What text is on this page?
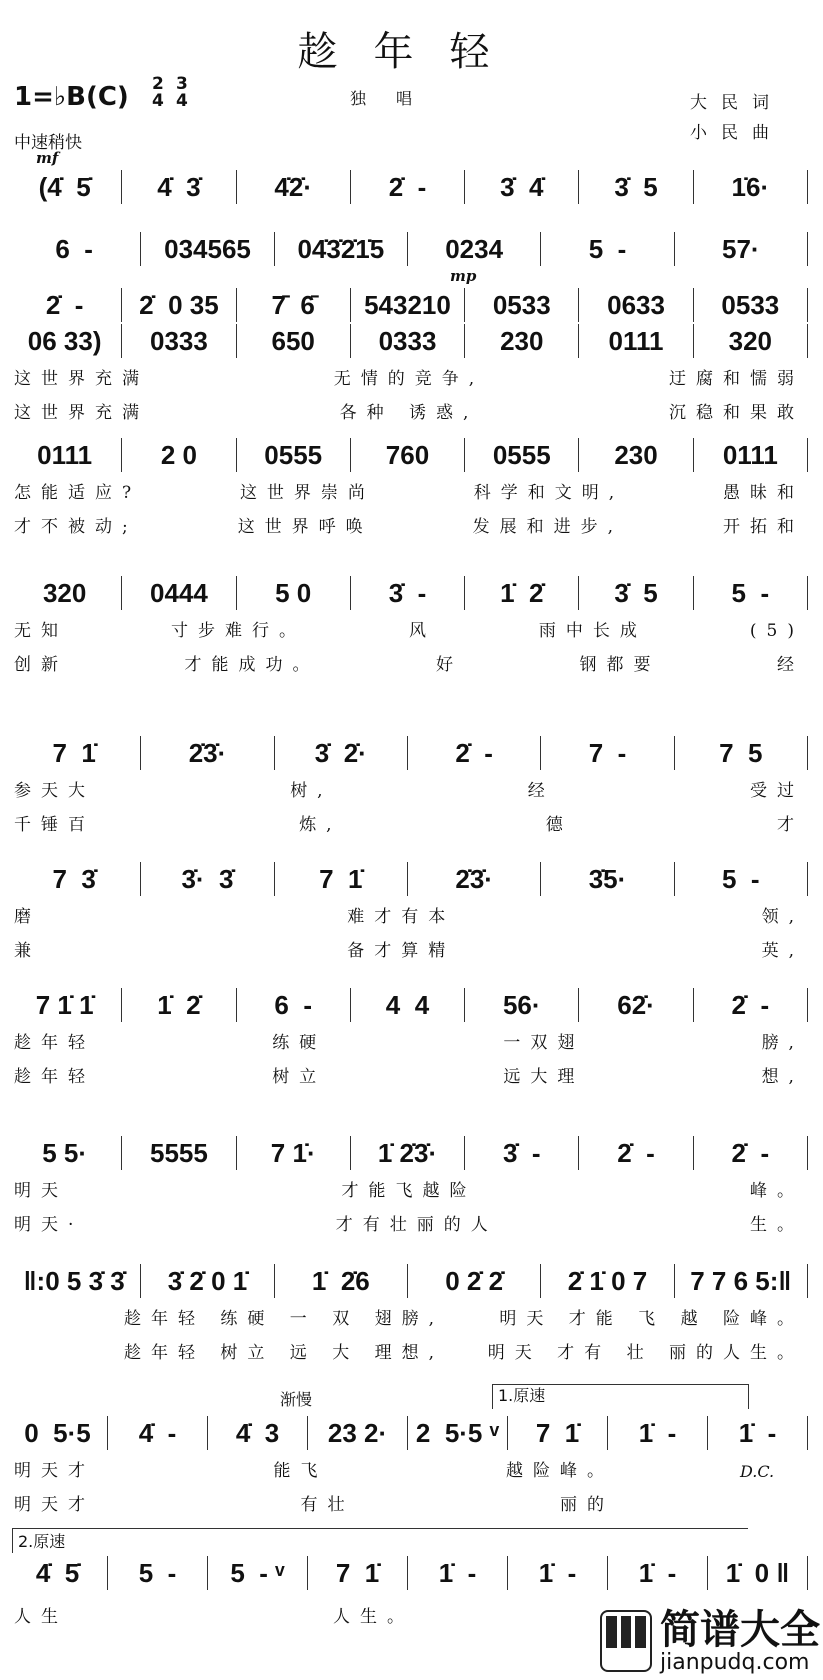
趁年轻
1=♭B(C) 2
4
3
4	独唱	大民词
小民曲
中速稍快
mf
mp
渐慢	1.原速
D.C.
2.原速
(4̇  5̇	4̇  3̇	4̇2̇·	2̇  -	3̇  4̇	3̇  5	1̇6·
6  -	034565	04̇3̇2̇1̇5	0234	5  -	57·
2̇  -	2̇  0 35	7̄  6̄	543210	0533	0633	0533
06 33)	0333	650	0333	230	0111	320
这世界充满	无情的竞争,	迂腐和懦弱
这世界充满	各种 诱惑,	沉稳和果敢
0111	2 0	0555	760	0555	230	0111
怎能适应?	这世界崇尚	科学和文明,	愚昧和
才不被动;	这世界呼唤	发展和进步,	开拓和
320	0444	5 0	3̇  -	1̇  2̇	3̇  5	5  -
无知	寸步难行。	风	雨中长成	(5)
创新	才能成功。	好	钢都要	经
7  1̇	2̇3̇·	3̇  2̇·	2̇  -	7  -	7  5
参天大	树,	经	受过
千锤百	炼,	德	才
7  3̇	3̇·  3̇	7  1̇	2̇3̇·	3̇5·	5  -
磨	难才有本	领,
兼	备才算精	英,
7 1̇ 1̇	1̇  2̇	6  -	4  4	56·	62̇·	2̇  -
趁年轻	练硬	一双翅	膀,
趁年轻	树立	远大理	想,
5 5·	5555	7 1̇·	1̇ 2̇3̇·	3̇  -	2̇  -	2̇  -
明天	才能飞越险	峰。
明天·	才有壮丽的人	生。
‖:0 5 3̇ 3̇	3̇ 2̇ 0 1̇	1̇  2̇6	0 2̇ 2̇	2̇ 1̇ 0 7	7 7 6 5:‖
趁年轻 练硬 一 双 翅膀,	明天 才能 飞 越 险峰。
趁年轻 树立 远 大 理想,	明天 才有 壮 丽的人生。
0  5·5	4̇  -	4̇  3	23 2·	2  5·5 ᵛ	7  1̇	1̇  -	1̇  -
明天才	能飞	越险峰。
明天才	有壮	丽的
4̇  5̇	5  -	5  - ᵛ	7  1̇	1̇  -	1̇  -	1̇  -	1̇  0 ‖
人生	人生。	简谱大全
jianpudq.com
